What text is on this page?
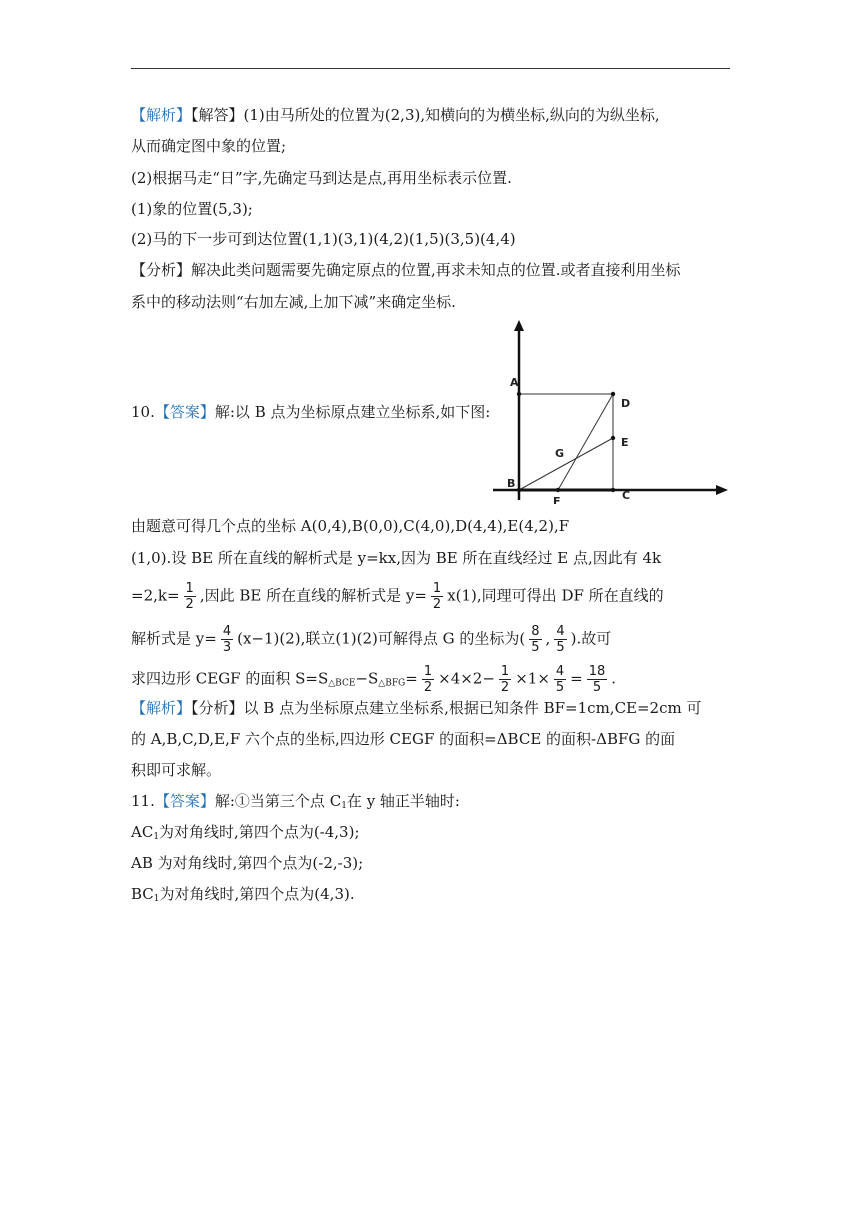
【解析】【解答】(1)由马所处的位置为(2,3),知横向的为横坐标,纵向的为纵坐标,
从而确定图中象的位置;
(2)根据马走“日”字,先确定马到达是点,再用坐标表示位置.
(1)象的位置(5,3);
(2)马的下一步可到达位置(1,1)(3,1)(4,2)(1,5)(3,5)(4,4)
【分析】解决此类问题需要先确定原点的位置,再求未知点的位置.或者直接利用坐标
系中的移动法则“右加左减,上加下减”来确定坐标.
10.【答案】解:以 B 点为坐标原点建立坐标系,如下图:
A
D
E
G
B
C
F
由题意可得几个点的坐标 A(0,4),B(0,0),C(4,0),D(4,4),E(4,2),F
(1,0).设 BE 所在直线的解析式是 y=kx,因为 BE 所在直线经过 E 点,因此有 4k
$=2,k= \frac{1}{2}$ ,因此 BE 所在直线的解析式是 $y= \frac{1}{2} x(1)$,同理可得出 DF 所在直线的
解析式是 $y= \frac{4}{3} (x-1)(2)$,联立(1)(2)可解得点 G 的坐标为( $\frac{8}{5}$ , $\frac{4}{5}$ ).故可
求四边形 CEGF 的面积 $S=S_{\triangle BCE}-S_{\triangle BFG}= \frac{1}{2} \times 4\times 2- \frac{1}{2} \times 1\times \frac{4}{5} = \frac{18}{5}$ .
【解析】【分析】以 B 点为坐标原点建立坐标系,根据已知条件 BF=1cm,CE=2cm 可
的 A,B,C,D,E,F 六个点的坐标,四边形 CEGF 的面积=ΔBCE 的面积-ΔBFG 的面
积即可求解。
11.【答案】解:①当第三个点 $C_1$在 y 轴正半轴时:
$AC_1$为对角线时,第四个点为(-4,3);
AB 为对角线时,第四个点为(-2,-3);
$BC_1$为对角线时,第四个点为(4,3).
